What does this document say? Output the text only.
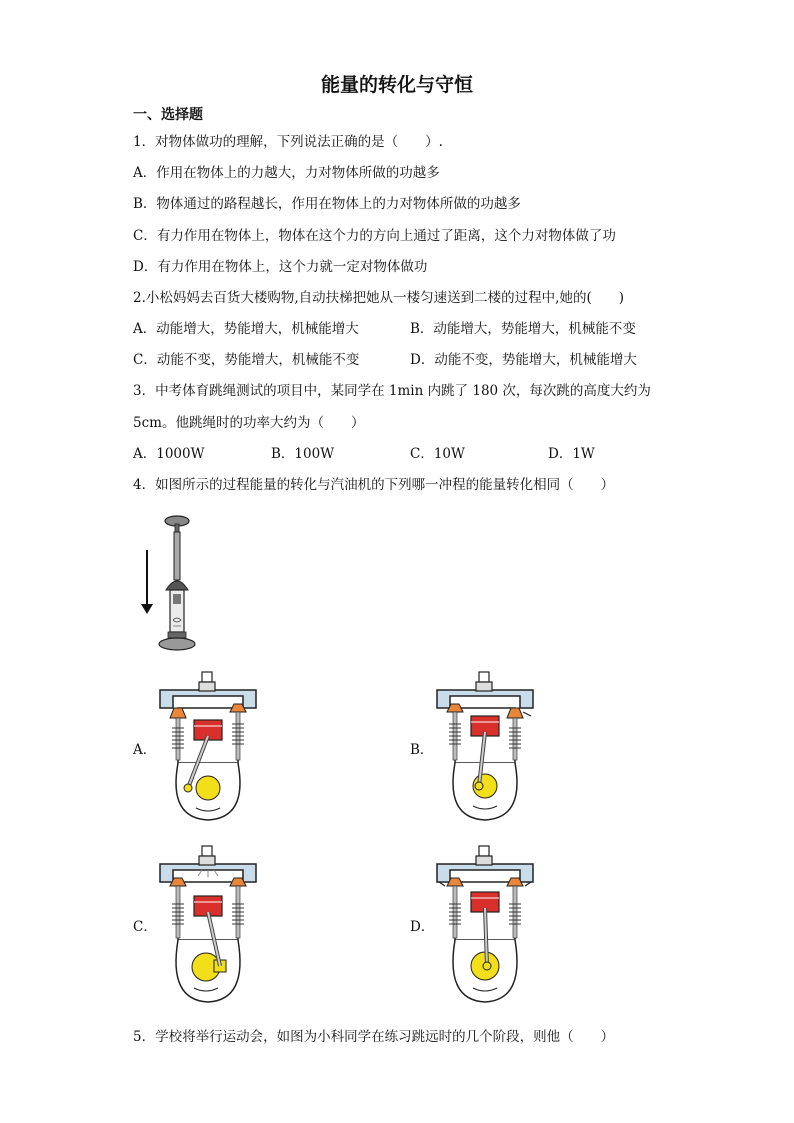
能量的转化与守恒
一、选择题
1．对物体做功的理解，下列说法正确的是（　　）.
A．作用在物体上的力越大，力对物体所做的功越多
B．物体通过的路程越长，作用在物体上的力对物体所做的功越多
C．有力作用在物体上，物体在这个力的方向上通过了距离，这个力对物体做了功
D．有力作用在物体上，这个力就一定对物体做功
2.小松妈妈去百货大楼购物,自动扶梯把她从一楼匀速送到二楼的过程中,她的(　　)
A．动能增大，势能增大，机械能增大	B．动能增大，势能增大，机械能不变
C．动能不变，势能增大，机械能不变	D．动能不变，势能增大，机械能增大
3．中考体育跳绳测试的项目中，某同学在 1min 内跳了 180 次，每次跳的高度大约为
5cm。他跳绳时的功率大约为（　　）
A．1000W	B．100W	C．10W	D．1W
4．如图所示的过程能量的转化与汽油机的下列哪一冲程的能量转化相同（　　）
A．	B．
C．	D．
5．学校将举行运动会，如图为小科同学在练习跳远时的几个阶段，则他（　　）
